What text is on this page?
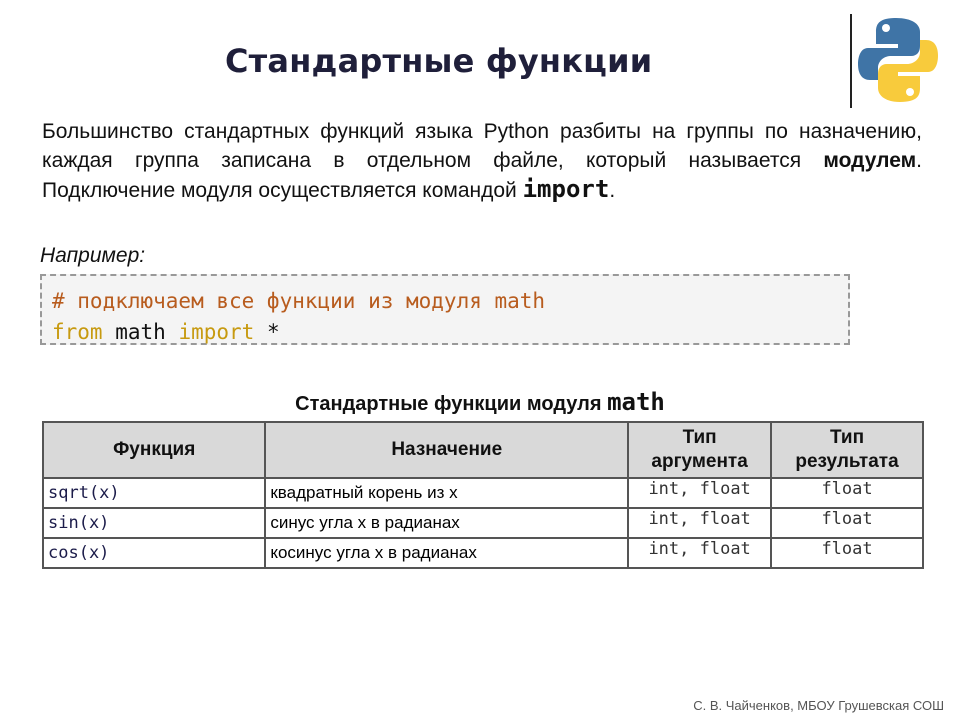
Стандартные функции
Большинство стандартных функций языка Python разбиты на группы по назначению, каждая группа записана в отдельном файле, который называется модулем. Подключение модуля осуществляется командой import.
Например:
# подключаем все функции из модуля math
from math import *
Стандартные функции модуля math
Функция	Назначение	Тип аргумента	Тип результата
sqrt(x)	квадратный корень из x	int, float	float
sin(x)	синус угла x в радианах	int, float	float
cos(x)	косинус угла x в радианах	int, float	float
С. В. Чайченков, МБОУ Грушевская СОШ
